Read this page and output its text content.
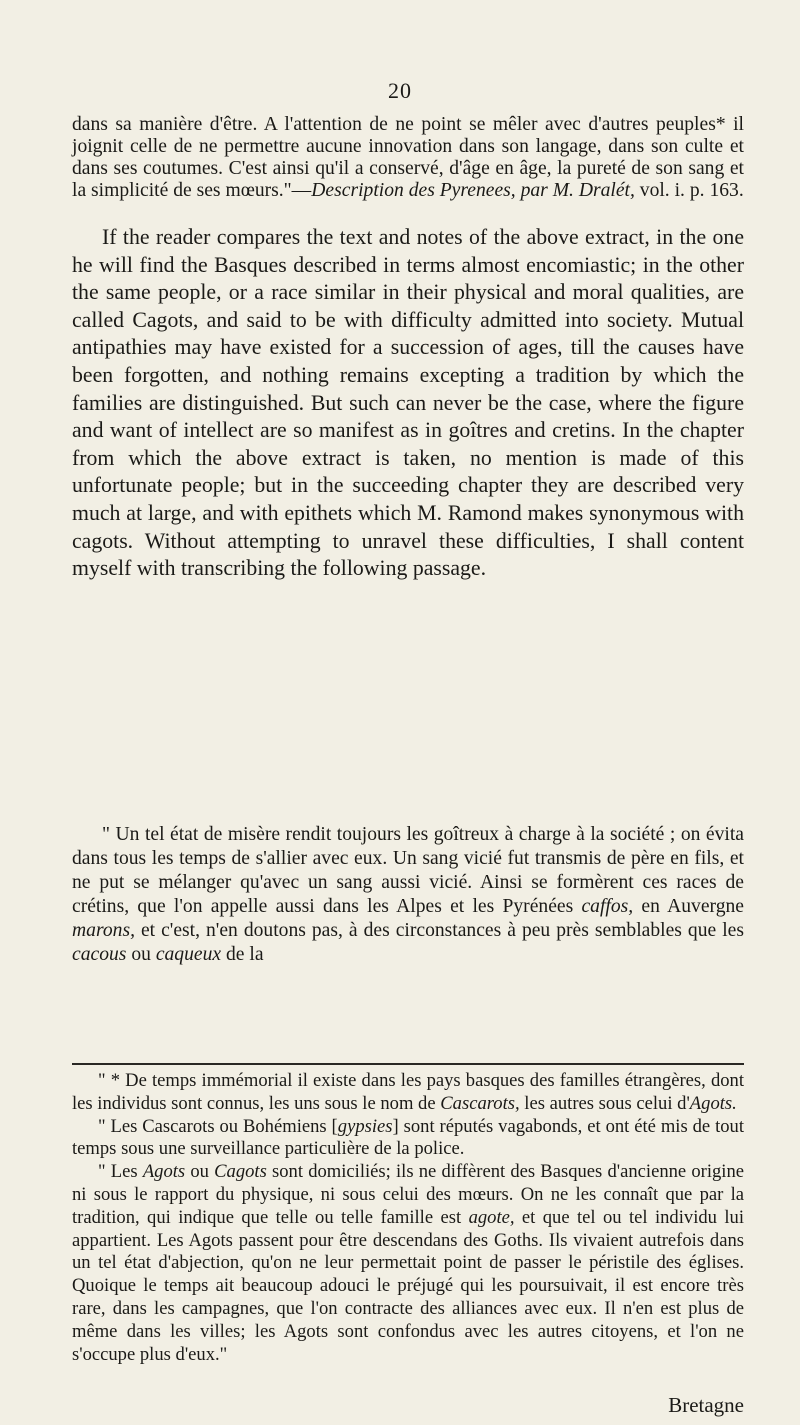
20
dans sa manière d'être. A l'attention de ne point se mêler avec d'autres peuples* il joignit celle de ne permettre aucune innovation dans son langage, dans son culte et dans ses coutumes. C'est ainsi qu'il a conservé, d'âge en âge, la pureté de son sang et la simplicité de ses mœurs."—Description des Pyrenees, par M. Dralét, vol. i. p. 163.

If the reader compares the text and notes of the above extract, in the one he will find the Basques described in terms almost encomiastic; in the other the same people, or a race similar in their physical and moral qualities, are called Cagots, and said to be with difficulty admitted into society. Mutual antipathies may have existed for a succession of ages, till the causes have been forgotten, and nothing remains excepting a tradition by which the families are distinguished. But such can never be the case, where the figure and want of intellect are so manifest as in goîtres and cretins. In the chapter from which the above extract is taken, no mention is made of this unfortunate people; but in the succeeding chapter they are described very much at large, and with epithets which M. Ramond makes synonymous with cagots. Without attempting to unravel these difficulties, I shall content myself with transcribing the following passage.

" Un tel état de misère rendit toujours les goîtreux à charge à la société ; on évita dans tous les temps de s'allier avec eux. Un sang vicié fut transmis de père en fils, et ne put se mélanger qu'avec un sang aussi vicié. Ainsi se formèrent ces races de crétins, que l'on appelle aussi dans les Alpes et les Pyrénées caffos, en Auvergne marons, et c'est, n'en doutons pas, à des circonstances à peu près semblables que les cacous ou caqueux de la

" * De temps immémorial il existe dans les pays basques des familles étrangères, dont les individus sont connus, les uns sous le nom de Cascarots, les autres sous celui d'Agots.

" Les Cascarots ou Bohémiens [gypsies] sont réputés vagabonds, et ont été mis de tout temps sous une surveillance particulière de la police.

" Les Agots ou Cagots sont domiciliés; ils ne diffèrent des Basques d'ancienne origine ni sous le rapport du physique, ni sous celui des mœurs. On ne les connaît que par la tradition, qui indique que telle ou telle famille est agote, et que tel ou tel individu lui appartient. Les Agots passent pour être descendans des Goths. Ils vivaient autrefois dans un tel état d'abjection, qu'on ne leur permettait point de passer le péristile des églises. Quoique le temps ait beaucoup adouci le préjugé qui les poursuivait, il est encore très rare, dans les campagnes, que l'on contracte des alliances avec eux. Il n'en est plus de même dans les villes; les Agots sont confondus avec les autres citoyens, et l'on ne s'occupe plus d'eux."

Bretagne
